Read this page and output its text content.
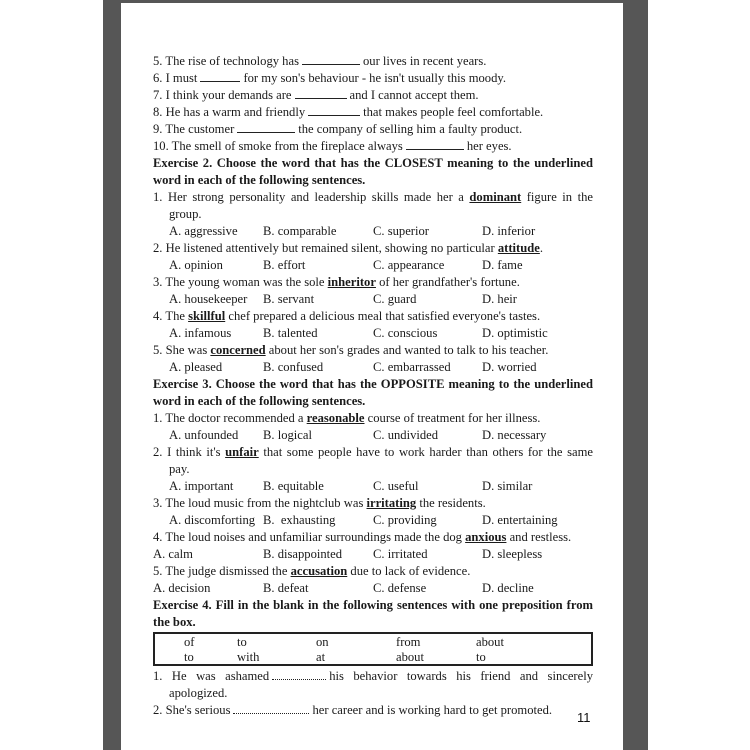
5. The rise of technology has	our lives in recent years.
6. I must	for my son's behaviour - he isn't usually this moody.
7. I think your demands are	and I cannot accept them.
8. He has a warm and friendly	that makes people feel comfortable.
9. The customer	the company of selling him a faulty product.
10. The smell of smoke from the fireplace always	her eyes.
Exercise 2. Choose the word that has the CLOSEST meaning to the underlined word in each of the following sentences.
1. Her strong personality and leadership skills made her a dominant figure in the group.
A. aggressive B. comparable	C. superior	D. inferior
2. He listened attentively but remained silent, showing no particular attitude.
A. opinion	B. effort	C. appearance	D. fame
3. The young woman was the sole inheritor of her grandfather's fortune.
A. housekeeper B. servant	C. guard	D. heir
4. The skillful chef prepared a delicious meal that satisfied everyone's tastes.
A. infamous	B. talented	C. conscious	D. optimistic
5. She was concerned about her son's grades and wanted to talk to his teacher.
A. pleased	B. confused	C. embarrassed D. worried
Exercise 3. Choose the word that has the OPPOSITE meaning to the underlined word in each of the following sentences.
1. The doctor recommended a reasonable course of treatment for her illness.
A. unfounded B. logical	C. undivided	D. necessary
2. I think it's unfair that some people have to work harder than others for the same pay.
A. important B. equitable	C. useful	D. similar
3. The loud music from the nightclub was irritating the residents.
A. discomforting B.  exhausting	C. providing	D. entertaining
4. The loud noises and unfamiliar surroundings made the dog anxious and restless.
A. calm	B. disappointed C. irritated	D. sleepless
5. The judge dismissed the accusation due to lack of evidence.
A. decision	B. defeat	C. defense	D. decline
Exercise 4. Fill in the blank in the following sentences with one preposition from the box.
of	to	on	from	about
to	with	at	about	to
1. He was ashamed	his behavior towards his friend and sincerely apologized.
2. She's serious	her career and is working hard to get promoted.	11
